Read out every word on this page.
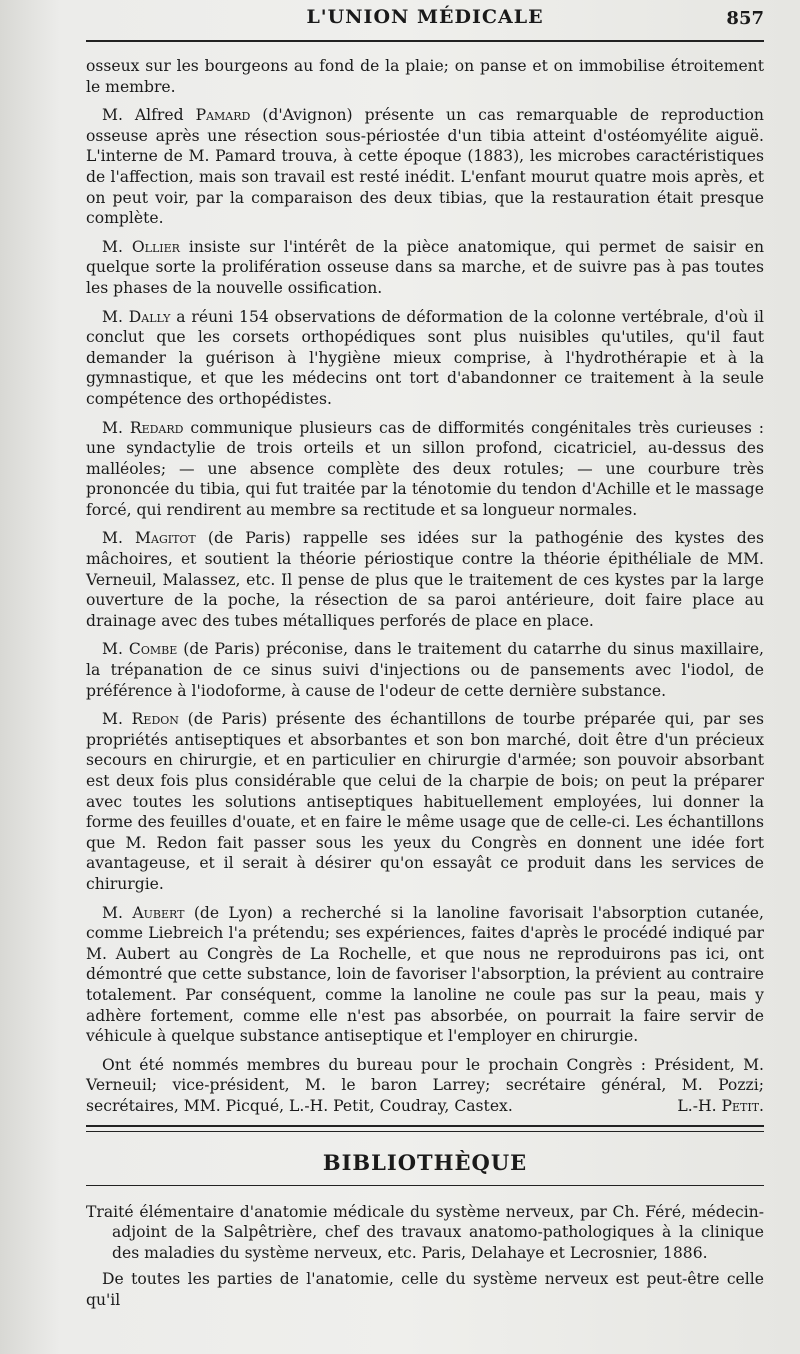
L'UNION MÉDICALE	857

osseux sur les bourgeons au fond de la plaie; on panse et on immobilise étroitement le membre.

M. Alfred Pamard (d'Avignon) présente un cas remarquable de reproduction osseuse après une résection sous-périostée d'un tibia atteint d'ostéomyélite aiguë. L'interne de M. Pamard trouva, à cette époque (1883), les microbes caractéristiques de l'affection, mais son travail est resté inédit. L'enfant mourut quatre mois après, et on peut voir, par la comparaison des deux tibias, que la restauration était presque complète.

M. Ollier insiste sur l'intérêt de la pièce anatomique, qui permet de saisir en quelque sorte la prolifération osseuse dans sa marche, et de suivre pas à pas toutes les phases de la nouvelle ossification.

M. Dally a réuni 154 observations de déformation de la colonne vertébrale, d'où il conclut que les corsets orthopédiques sont plus nuisibles qu'utiles, qu'il faut demander la guérison à l'hygiène mieux comprise, à l'hydrothérapie et à la gymnastique, et que les médecins ont tort d'abandonner ce traitement à la seule compétence des orthopédistes.

M. Redard communique plusieurs cas de difformités congénitales très curieuses : une syndactylie de trois orteils et un sillon profond, cicatriciel, au-dessus des malléoles; — une absence complète des deux rotules; — une courbure très prononcée du tibia, qui fut traitée par la ténotomie du tendon d'Achille et le massage forcé, qui rendirent au membre sa rectitude et sa longueur normales.

M. Magitot (de Paris) rappelle ses idées sur la pathogénie des kystes des mâchoires, et soutient la théorie périostique contre la théorie épithéliale de MM. Verneuil, Malassez, etc. Il pense de plus que le traitement de ces kystes par la large ouverture de la poche, la résection de sa paroi antérieure, doit faire place au drainage avec des tubes métalliques perforés de place en place.

M. Combe (de Paris) préconise, dans le traitement du catarrhe du sinus maxillaire, la trépanation de ce sinus suivi d'injections ou de pansements avec l'iodol, de préférence à l'iodoforme, à cause de l'odeur de cette dernière substance.

M. Redon (de Paris) présente des échantillons de tourbe préparée qui, par ses propriétés antiseptiques et absorbantes et son bon marché, doit être d'un précieux secours en chirurgie, et en particulier en chirurgie d'armée; son pouvoir absorbant est deux fois plus considérable que celui de la charpie de bois; on peut la préparer avec toutes les solutions antiseptiques habituellement employées, lui donner la forme des feuilles d'ouate, et en faire le même usage que de celle-ci. Les échantillons que M. Redon fait passer sous les yeux du Congrès en donnent une idée fort avantageuse, et il serait à désirer qu'on essayât ce produit dans les services de chirurgie.

M. Aubert (de Lyon) a recherché si la lanoline favorisait l'absorption cutanée, comme Liebreich l'a prétendu; ses expériences, faites d'après le procédé indiqué par M. Aubert au Congrès de La Rochelle, et que nous ne reproduirons pas ici, ont démontré que cette substance, loin de favoriser l'absorption, la prévient au contraire totalement. Par conséquent, comme la lanoline ne coule pas sur la peau, mais y adhère fortement, comme elle n'est pas absorbée, on pourrait la faire servir de véhicule à quelque substance antiseptique et l'employer en chirurgie.

Ont été nommés membres du bureau pour le prochain Congrès : Président, M. Verneuil; vice-président, M. le baron Larrey; secrétaire général, M. Pozzi; secrétaires, MM. Picqué, L.-H. Petit, Coudray, Castex.	L.-H. Petit.

BIBLIOTHÈQUE

Traité élémentaire d'anatomie médicale du système nerveux, par Ch. Féré, médecin-adjoint de la Salpêtrière, chef des travaux anatomo-pathologiques à la clinique des maladies du système nerveux, etc. Paris, Delahaye et Lecrosnier, 1886.

De toutes les parties de l'anatomie, celle du système nerveux est peut-être celle qu'il
